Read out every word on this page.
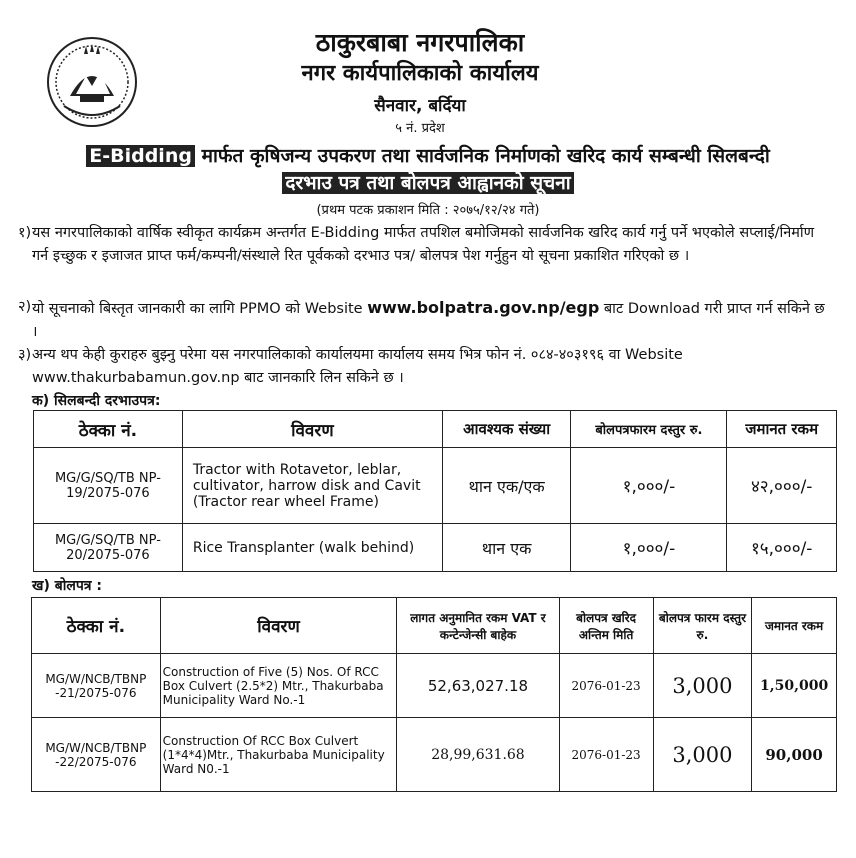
ठाकुरबाबा नगरपालिका
नगर कार्यपालिकाको कार्यालय
सैनवार, बर्दिया
५ नं. प्रदेश
E-Bidding मार्फत कृषिजन्य उपकरण तथा सार्वजनिक निर्माणको खरिद कार्य सम्बन्धी सिलबन्दी
दरभाउ पत्र तथा बोलपत्र आह्वानको सूचना
(प्रथम पटक प्रकाशन मिति : २०७५/१२/२४ गते)
१) यस नगरपालिकाको वार्षिक स्वीकृत कार्यक्रम अन्तर्गत E-Bidding मार्फत तपशिल बमोजिमको सार्वजनिक खरिद कार्य गर्नु पर्ने भएकोले सप्लाई/निर्माण गर्न इच्छुक र इजाजत प्राप्त फर्म/कम्पनी/संस्थाले रित पूर्वकको दरभाउ पत्र/ बोलपत्र पेश गर्नुहुन यो सूचना प्रकाशित गरिएको छ ।
२) यो सूचनाको बिस्तृत जानकारी का लागि PPMO को Website www.bolpatra.gov.np/egp बाट Download गरी प्राप्त गर्न सकिने छ ।
३) अन्य थप केही कुराहरु बुझ्नु परेमा यस नगरपालिकाको कार्यालयमा कार्यालय समय भित्र फोन नं. ०८४-४०३१९६ वा Website www.thakurbabamun.gov.np बाट जानकारि लिन सकिने छ ।
क) सिलबन्दी दरभाउपत्र:
ठेक्का नं.	विवरण	आवश्यक संख्या	बोलपत्रफारम दस्तुर रु.	जमानत रकम
MG/G/SQ/TB NP-19/2075-076	Tractor with Rotavetor, leblar, cultivator, harrow disk and Cavit (Tractor rear wheel Frame)	थान एक/एक	१,०००/-	४२,०००/-
MG/G/SQ/TB NP-20/2075-076	Rice Transplanter (walk behind)	थान एक	१,०००/-	१५,०००/-
ख) बोलपत्र :
ठेक्का नं.	विवरण	लागत अनुमानित रकम VAT र कन्टेन्जेन्सी बाहेक	बोलपत्र खरिद अन्तिम मिति	बोलपत्र फारम दस्तुर रु.	जमानत रकम
MG/W/NCB/TBNP -21/2075-076	Construction of Five (5) Nos. Of RCC Box Culvert (2.5*2) Mtr., Thakurbaba Municipality Ward No.-1	52,63,027.18	2076-01-23	3,000	1,50,000
MG/W/NCB/TBNP -22/2075-076	Construction Of RCC Box Culvert (1*4*4)Mtr., Thakurbaba Municipality Ward N0.-1	28,99,631.68	2076-01-23	3,000	90,000
